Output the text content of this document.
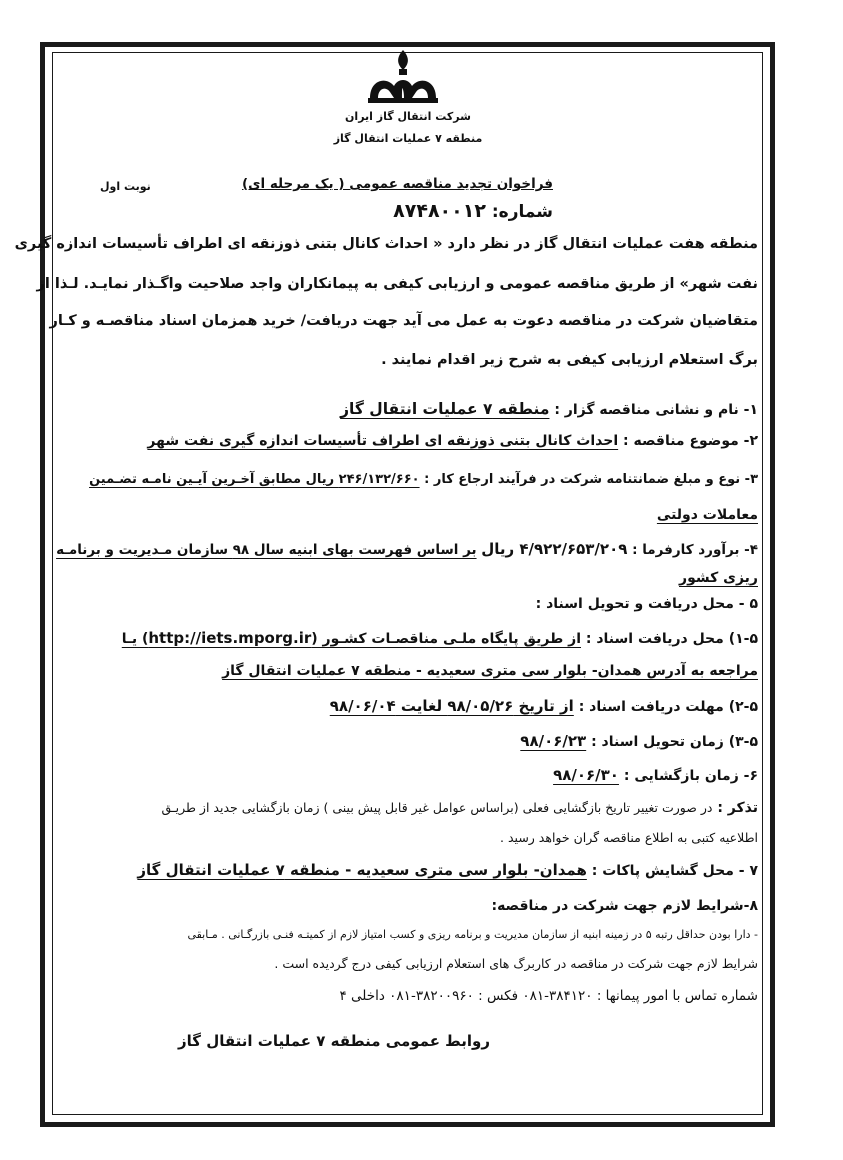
شرکت انتقال گاز ایران
منطقه ۷ عملیات انتقال گاز
نوبت اول	فراخوان تجدید مناقصه عمومی ( یک مرحله ای)
شماره: ۸۷۴۸۰۰۱۲
منطقه هفت عملیات انتقال گاز در نظر دارد « احداث کانال بتنی ذوزنقه ای اطراف تأسیسات اندازه گیری
نفت شهر» از طریق مناقصه عمومی و ارزیابی کیفی به پیمانکاران واجد صلاحیت واگـذار نمایـد. لـذا از
متقاضیان شرکت در مناقصه دعوت به عمل می آید جهت دریافت/ خرید همزمان اسناد مناقصـه و کـار
برگ استعلام ارزیابی کیفی به شرح زیر اقدام نمایند .
۱- نام و نشانی مناقصه گزار : منطقه ۷ عملیات انتقال گاز
۲- موضوع مناقصه : احداث کانال بتنی ذوزنقه ای اطراف تأسیسات اندازه گیری نفت شهر
۳- نوع و مبلغ ضمانتنامه شرکت در فرآیند ارجاع کار : ۲۴۶/۱۳۲/۶۶۰ ریال مطابق آخـرین آیـین نامـه تضـمین
معاملات دولتی
۴- برآورد کارفرما : ۴/۹۲۲/۶۵۳/۲۰۹ ریال بر اساس فهرست بهای ابنیه سال ۹۸ سازمان مـدیریت و برنامـه
ریزی کشور
۵ - محل دریافت و تحویل اسناد :
۱-۵) محل دریافت اسناد : از طریق پایگاه ملـی مناقصـات کشـور (http://iets.mporg.ir) یـا
مراجعه به آدرس همدان- بلوار سی متری سعیدیه - منطقه ۷ عملیات انتقال گاز
۲-۵) مهلت دریافت اسناد : از تاریخ ۹۸/۰۵/۲۶ لغایت ۹۸/۰۶/۰۴
۳-۵) زمان تحویل اسناد : ۹۸/۰۶/۲۳
۶- زمان بازگشایی : ۹۸/۰۶/۳۰
تذکر : در صورت تغییر تاریخ بازگشایی فعلی (براساس عوامل غیر قابل پیش بینی ) زمان بازگشایی جدید از طریـق
اطلاعیه کتبی به اطلاع مناقصه گران خواهد رسید .
۷ - محل گشایش پاکات : همدان- بلوار سی متری سعیدیه - منطقه ۷ عملیات انتقال گاز
۸-شرایط لازم جهت شرکت در مناقصه:
- دارا بودن حداقل رتبه ۵ در زمینه ابنیه از سازمان مدیریت و برنامه ریزی و کسب امتیاز لازم از کمیتـه فنـی بازرگـانی . مـابقی
شرایط لازم جهت شرکت در مناقصه در کاربرگ های استعلام ارزیابی کیفی درج گردیده است .
شماره تماس با امور پیمانها : ۳۸۴۱۲۰-۰۸۱ فکس : ۳۸۲۰۰۹۶۰-۰۸۱ داخلی ۴
روابط عمومی منطقه ۷ عملیات انتقال گاز
